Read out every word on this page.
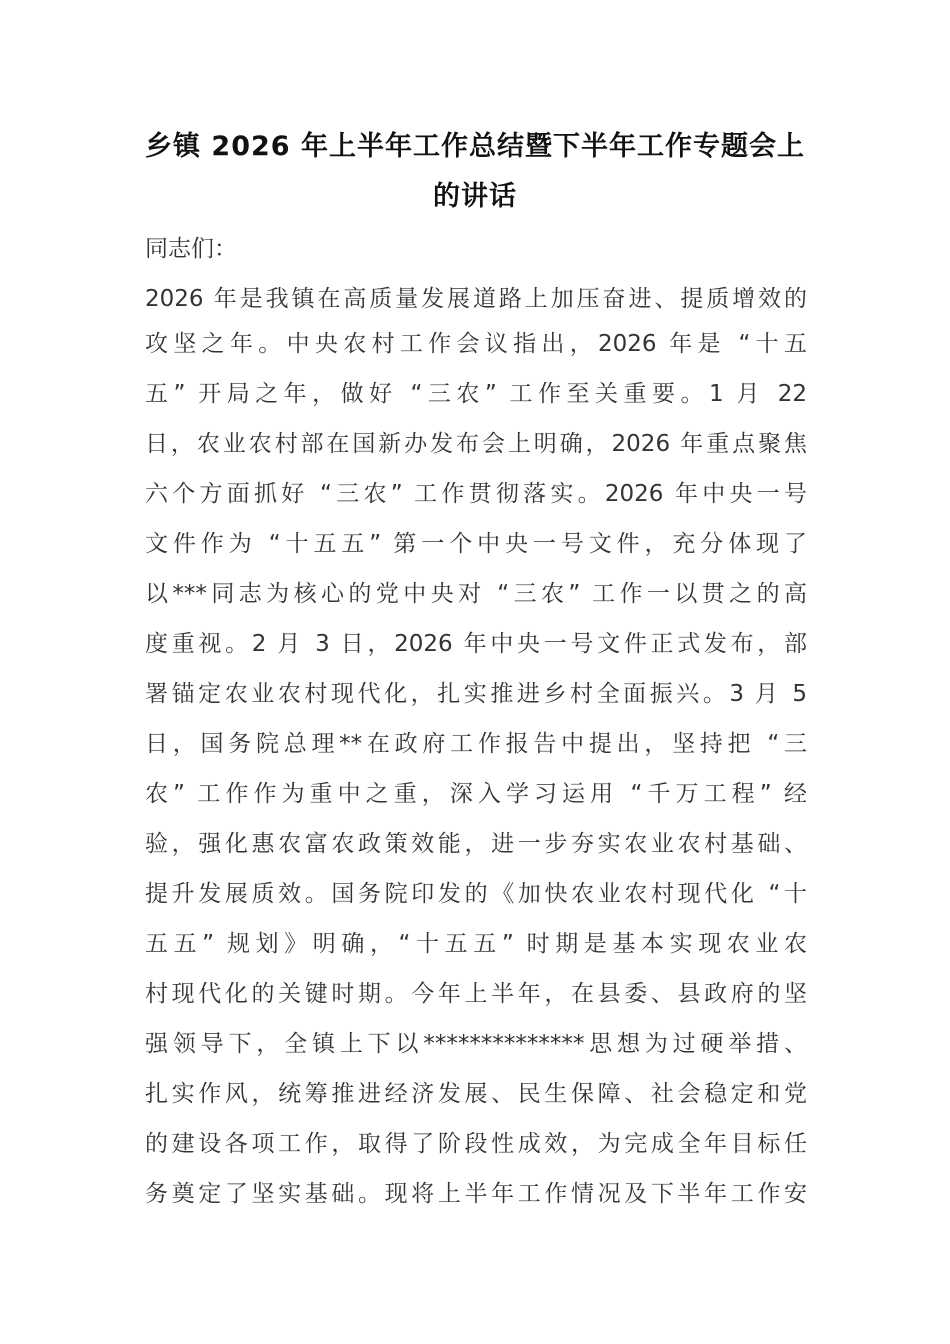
乡镇 2026 年上半年工作总结暨下半年工作专题会上
的讲话
同志们：
2026 年是我镇在高质量发展道路上加压奋进、提质增效的
攻坚之年。中央农村工作会议指出，2026 年是 “十五
五” 开局之年，做好 “三农” 工作至关重要。1 月 22
日，农业农村部在国新办发布会上明确，2026 年重点聚焦
六个方面抓好 “三农” 工作贯彻落实。2026 年中央一号
文件作为 “十五五” 第一个中央一号文件，充分体现了
以***同志为核心的党中央对 “三农” 工作一以贯之的高
度重视。2 月 3 日，2026 年中央一号文件正式发布，部
署锚定农业农村现代化，扎实推进乡村全面振兴。3 月 5
日，国务院总理**在政府工作报告中提出，坚持把 “三
农” 工作作为重中之重，深入学习运用 “千万工程” 经
验，强化惠农富农政策效能，进一步夯实农业农村基础、
提升发展质效。国务院印发的《加快农业农村现代化 “十
五五” 规划》明确，“十五五” 时期是基本实现农业农
村现代化的关键时期。今年上半年，在县委、县政府的坚
强领导下，全镇上下以**************思想为过硬举措、
扎实作风，统筹推进经济发展、民生保障、社会稳定和党
的建设各项工作，取得了阶段性成效，为完成全年目标任
务奠定了坚实基础。现将上半年工作情况及下半年工作安
